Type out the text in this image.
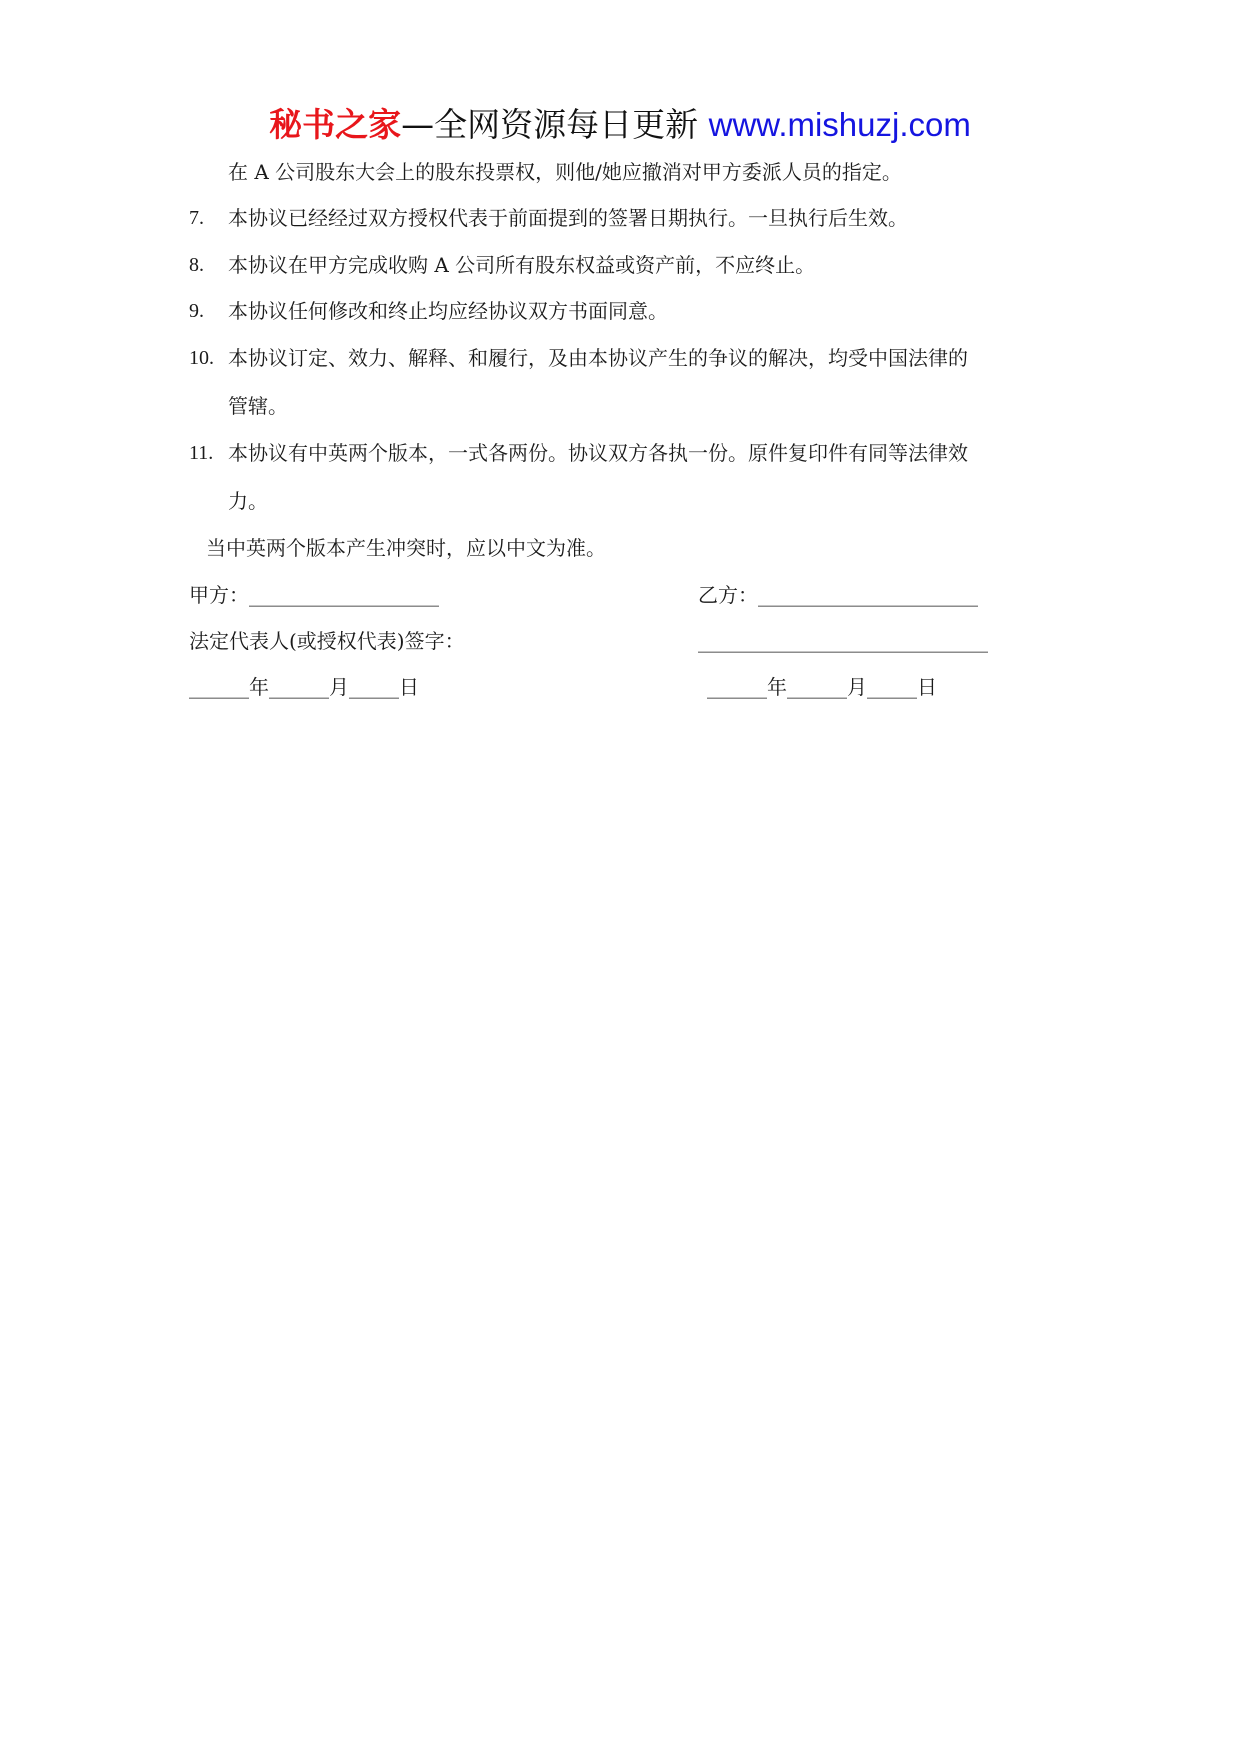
秘书之家—全网资源每日更新 www.mishuzj.com
在 A 公司股东大会上的股东投票权，则他/她应撤消对甲方委派人员的指定。
7. 本协议已经经过双方授权代表于前面提到的签署日期执行。一旦执行后生效。
8. 本协议在甲方完成收购 A 公司所有股东权益或资产前，不应终止。
9. 本协议任何修改和终止均应经协议双方书面同意。
10. 本协议订定、效力、解释、和履行，及由本协议产生的争议的解决，均受中国法律的
管辖。
11. 本协议有中英两个版本，一式各两份。协议双方各执一份。原件复印件有同等法律效
力。
当中英两个版本产生冲突时，应以中文为准。
甲方：___________________	乙方：______________________
法定代表人(或授权代表)签字：	_____________________________
______年______月_____日	______年______月_____日
